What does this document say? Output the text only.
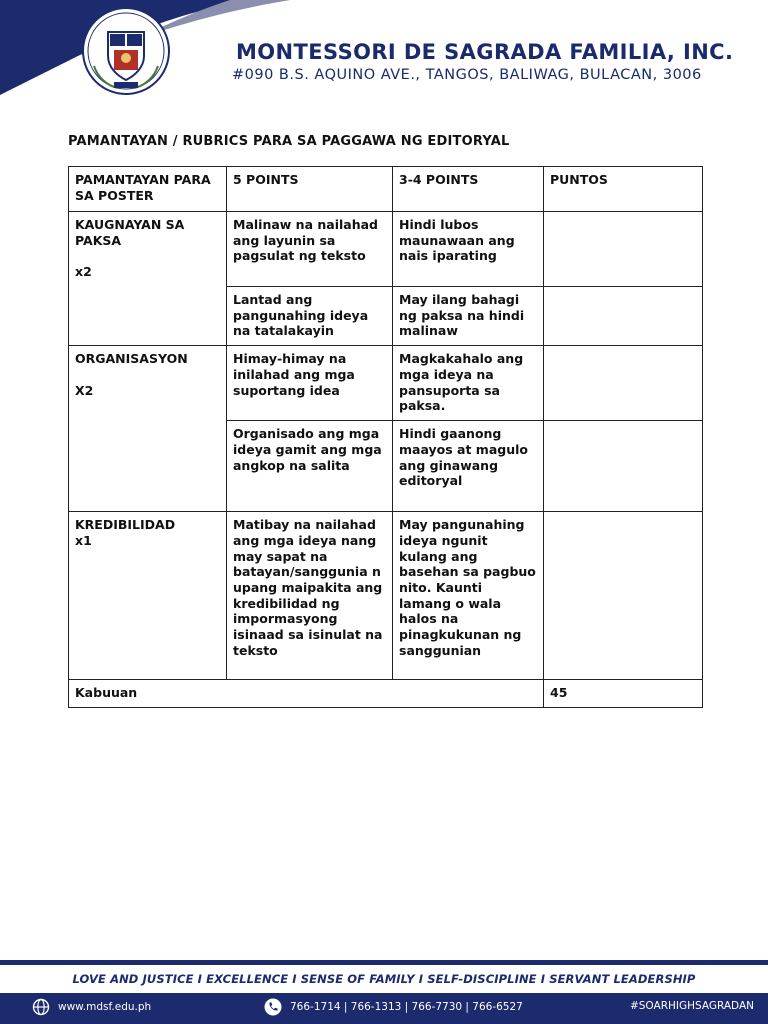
MONTESSORI DE SAGRADA FAMILIA, INC.
#090 B.S. AQUINO AVE., TANGOS, BALIWAG, BULACAN, 3006
PAMANTAYAN / RUBRICS PARA SA PAGGAWA NG EDITORYAL
PAMANTAYAN PARA SA POSTER	5 POINTS	3-4 POINTS	PUNTOS

KAUGNAYAN SA PAKSA
x2	Malinaw na nailahad ang layunin sa pagsulat ng teksto	Hindi lubos maunawaan ang nais iparating	
	Lantad ang pangunahing ideya na tatalakayin	May ilang bahagi ng paksa na hindi malinaw	

ORGANISASYON
X2	Himay-himay na inilahad ang mga suportang idea	Magkakahalo ang mga ideya na pansuporta sa paksa.	
	Organisado ang mga ideya gamit ang mga angkop na salita	Hindi gaanong maayos at magulo ang ginawang editoryal	

KREDIBILIDAD
x1	Matibay na nailahad ang mga ideya nang may sapat na batayan/sanggunia n upang maipakita ang kredibilidad ng impormasyong isinaad sa isinulat na teksto	May pangunahing ideya ngunit kulang ang basehan sa pagbuo nito. Kaunti lamang o wala halos na pinagkukunan ng sanggunian	
Kabuuan			45
LOVE AND JUSTICE I EXCELLENCE I SENSE OF FAMILY I SELF-DISCIPLINE I SERVANT LEADERSHIP
www.mdsf.edu.ph	766-1714 | 766-1313 | 766-7730 | 766-6527	#SOARHIGHSAGRADAN
